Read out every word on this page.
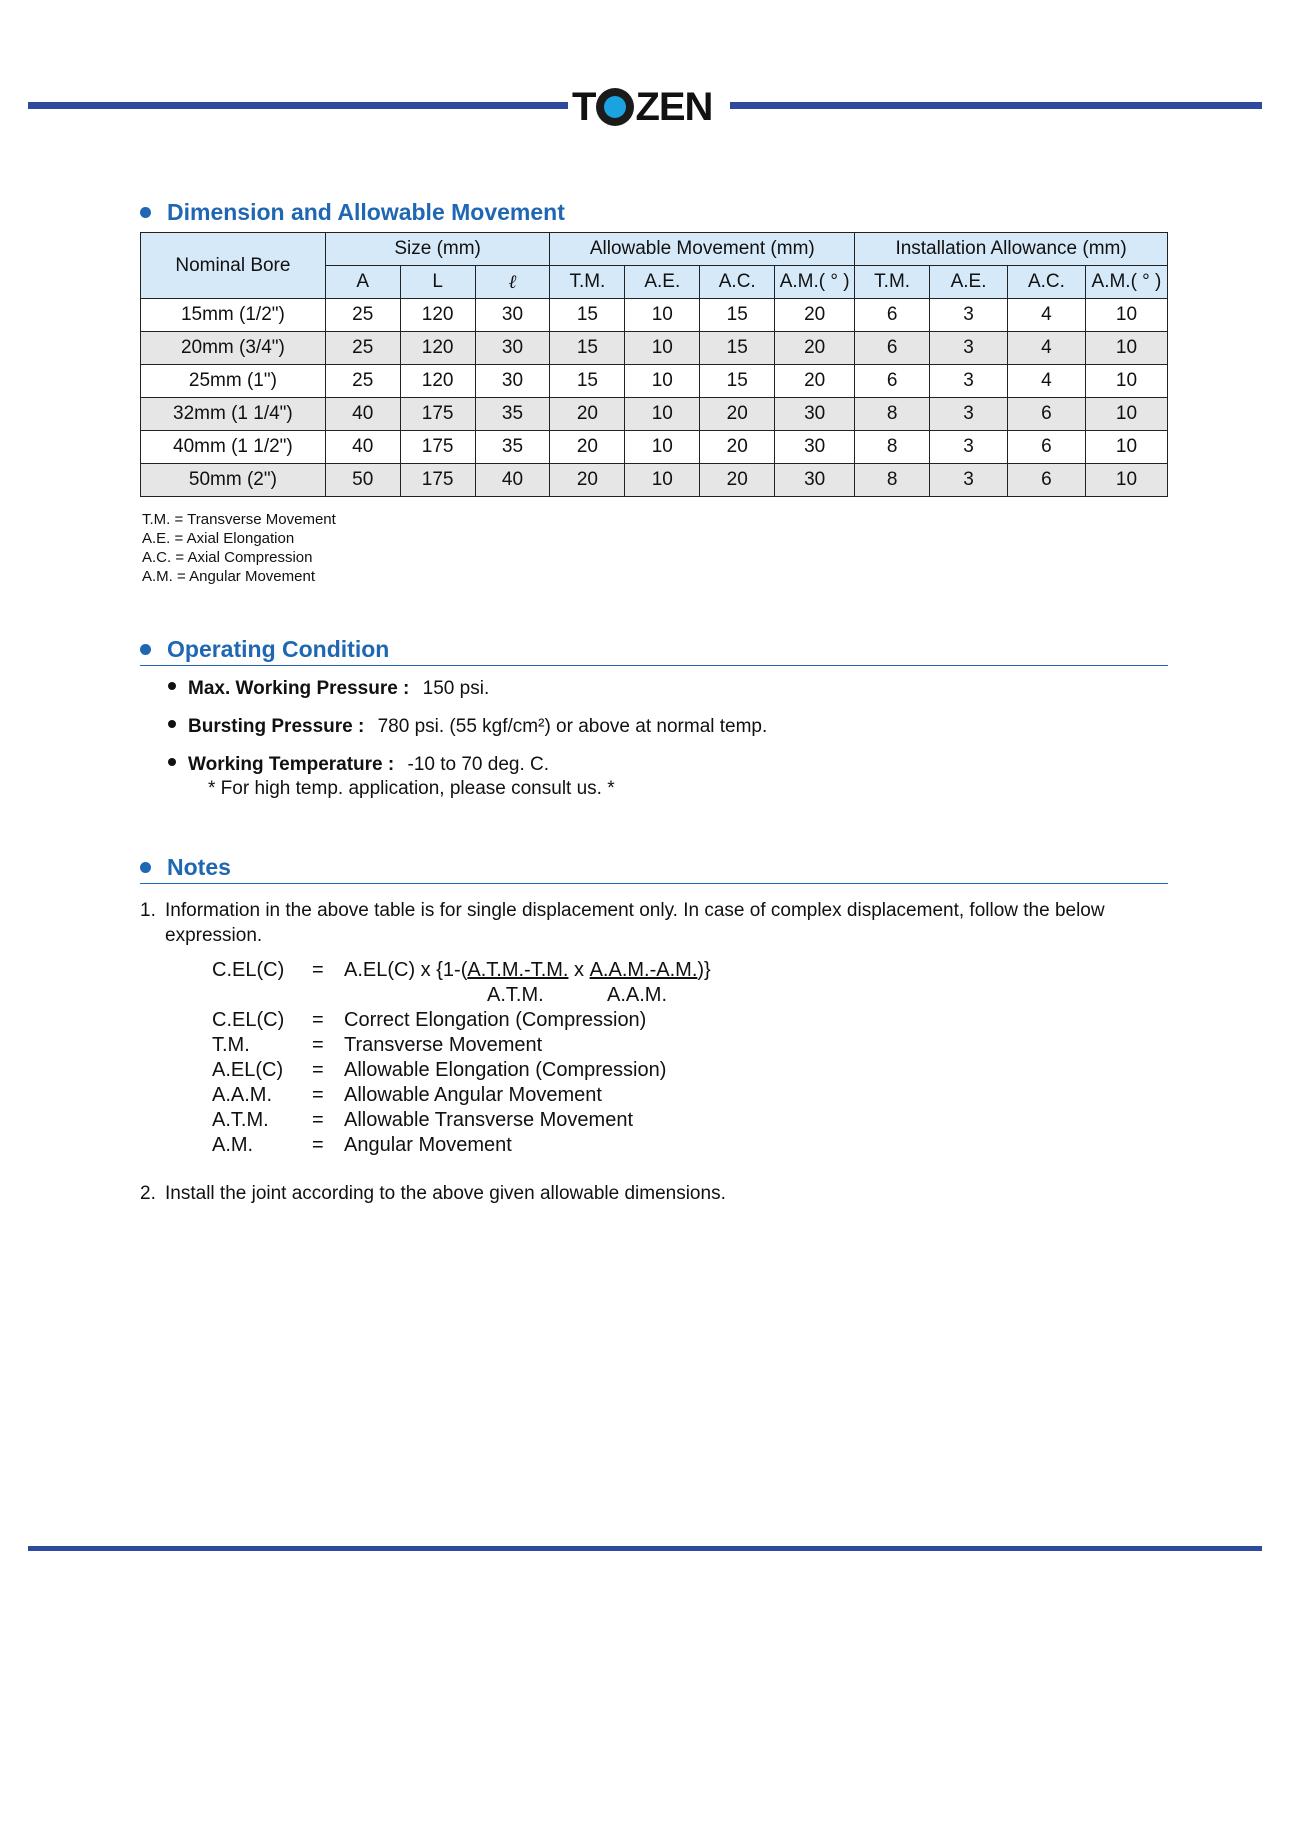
T ZEN
Dimension and Allowable Movement
Nominal Bore	Size (mm)			Allowable Movement (mm)				Installation Allowance (mm)			
	A	L	ℓ	T.M.	A.E.	A.C.	A.M.( ° )	T.M.	A.E.	A.C.	A.M.( ° )
15mm (1/2")	25	120	30	15	10	15	20	6	3	4	10
20mm (3/4")	25	120	30	15	10	15	20	6	3	4	10
25mm (1")	25	120	30	15	10	15	20	6	3	4	10
32mm (1 1/4")	40	175	35	20	10	20	30	8	3	6	10
40mm (1 1/2")	40	175	35	20	10	20	30	8	3	6	10
50mm (2")	50	175	40	20	10	20	30	8	3	6	10
T.M. = Transverse Movement
A.E. = Axial Elongation
A.C. = Axial Compression
A.M. = Angular Movement
Operating Condition
Max. Working Pressure : 150 psi.
Bursting Pressure : 780 psi. (55 kgf/cm²) or above at normal temp.
Working Temperature : -10 to 70 deg. C.
* For high temp. application, please consult us. *
Notes
1. Information in the above table is for single displacement only. In case of complex displacement, follow the below expression.
C.EL(C)	=	A.EL(C) x {1-( A.T.M.-T.M. x A.A.M.-A.M. )}
A.T.M.	A.A.M.
C.EL(C)	=	Correct Elongation (Compression)
T.M.	=	Transverse Movement
A.EL(C)	=	Allowable Elongation (Compression)
A.A.M.	=	Allowable Angular Movement
A.T.M.	=	Allowable Transverse Movement
A.M.	=	Angular Movement
2. Install the joint according to the above given allowable dimensions.
